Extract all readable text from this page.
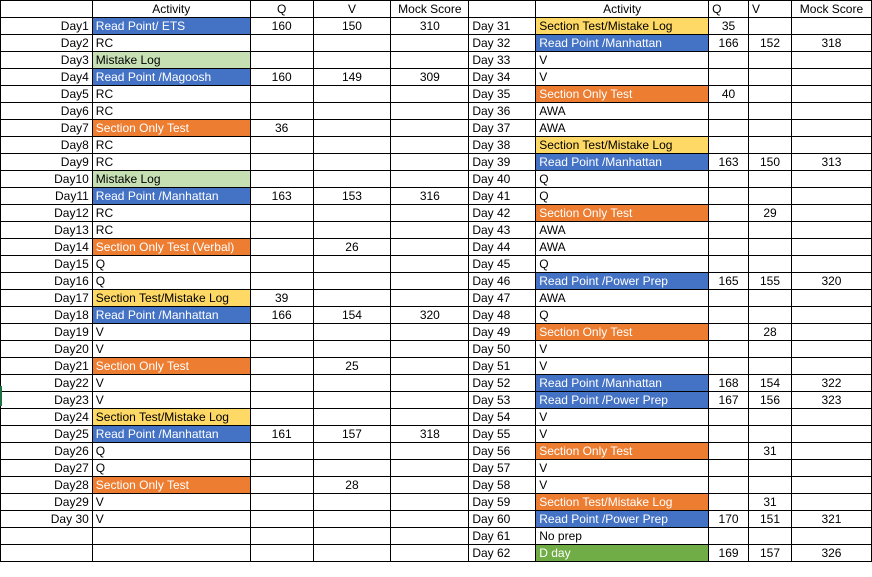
	Activity	Q	V	Mock Score		Activity	Q	V	Mock Score
Day1	Read Point/ ETS	160	150	310	Day 31	Section Test/Mistake Log	35		
Day2	RC				Day 32	Read Point /Manhattan	166	152	318
Day3	Mistake Log				Day 33	V			
Day4	Read Point /Magoosh	160	149	309	Day 34	V			
Day5	RC				Day 35	Section Only Test	40		
Day6	RC				Day 36	AWA			
Day7	Section Only Test	36			Day 37	AWA			
Day8	RC				Day 38	Section Test/Mistake Log			
Day9	RC				Day 39	Read Point /Manhattan	163	150	313
Day10	Mistake Log				Day 40	Q			
Day11	Read Point /Manhattan	163	153	316	Day 41	Q			
Day12	RC				Day 42	Section Only Test		29	
Day13	RC				Day 43	AWA			
Day14	Section Only Test (Verbal)		26		Day 44	AWA			
Day15	Q				Day 45	Q			
Day16	Q				Day 46	Read Point /Power Prep	165	155	320
Day17	Section Test/Mistake Log	39			Day 47	AWA			
Day18	Read Point /Manhattan	166	154	320	Day 48	Q			
Day19	V				Day 49	Section Only Test		28	
Day20	V				Day 50	V			
Day21	Section Only Test		25		Day 51	V			
Day22	V				Day 52	Read Point /Manhattan	168	154	322
Day23	V				Day 53	Read Point /Power Prep	167	156	323
Day24	Section Test/Mistake Log				Day 54	V			
Day25	Read Point /Manhattan	161	157	318	Day 55	V			
Day26	Q				Day 56	Section Only Test		31	
Day27	Q				Day 57	V			
Day28	Section Only Test		28		Day 58	V			
Day29	V				Day 59	Section Test/Mistake Log		31	
Day 30	V				Day 60	Read Point /Power Prep	170	151	321
					Day 61	No prep			
					Day 62	D day	169	157	326
